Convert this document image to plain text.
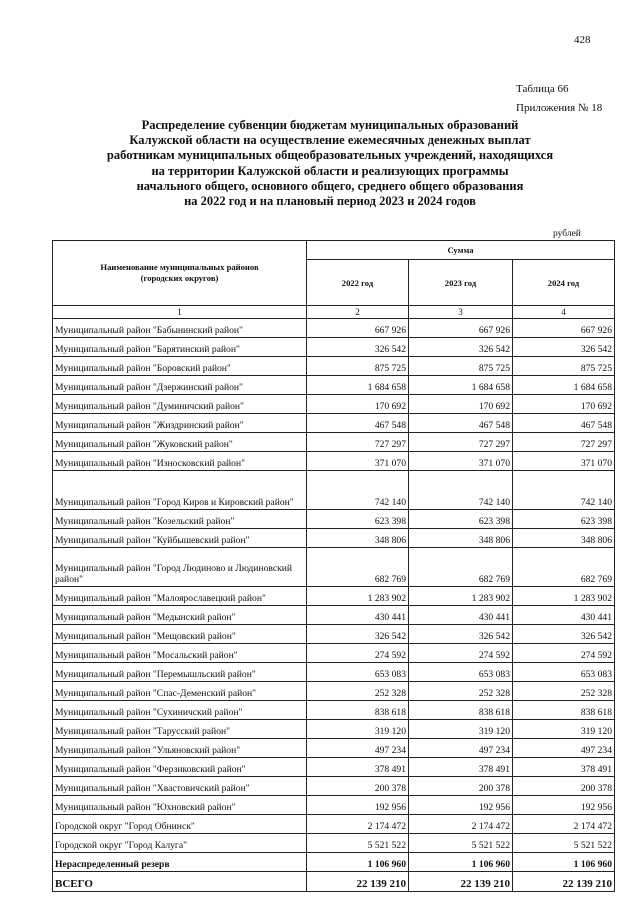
428
Таблица 66
Приложения № 18
Распределение субвенции бюджетам муниципальных образований
Калужской области на осуществление ежемесячных денежных выплат
работникам муниципальных общеобразовательных учреждений, находящихся
на территории Калужской области и реализующих программы
начального общего, основного общего, среднего общего образования
на 2022 год и на плановый период 2023 и 2024 годов
рублей
Наименование муниципальных районов
(городских округов)	Сумма		
	2022 год	2023 год	2024 год
1	2	3	4
Муниципальный район "Бабынинский район"	667 926	667 926	667 926
Муниципальный район "Барятинский район"	326 542	326 542	326 542
Муниципальный район "Боровский район"	875 725	875 725	875 725
Муниципальный район "Дзержинский район"	1 684 658	1 684 658	1 684 658
Муниципальный район "Думиничский район"	170 692	170 692	170 692
Муниципальный район "Жиздринский район"	467 548	467 548	467 548
Муниципальный район "Жуковский район"	727 297	727 297	727 297
Муниципальный район "Износковский район"	371 070	371 070	371 070
Муниципальный район "Город Киров и Кировский район"	742 140	742 140	742 140
Муниципальный район "Козельский район"	623 398	623 398	623 398
Муниципальный район "Куйбышевский район"	348 806	348 806	348 806
Муниципальный район "Город Людиново и Людиновский район"	682 769	682 769	682 769
Муниципальный район "Малоярославецкий район"	1 283 902	1 283 902	1 283 902
Муниципальный район "Медынский район"	430 441	430 441	430 441
Муниципальный район "Мещовский район"	326 542	326 542	326 542
Муниципальный район "Мосальский район"	274 592	274 592	274 592
Муниципальный район "Перемышльский район"	653 083	653 083	653 083
Муниципальный район "Спас-Деменский район"	252 328	252 328	252 328
Муниципальный район "Сухиничский район"	838 618	838 618	838 618
Муниципальный район "Тарусский район"	319 120	319 120	319 120
Муниципальный район "Ульяновский район"	497 234	497 234	497 234
Муниципальный район "Ферзиковский район"	378 491	378 491	378 491
Муниципальный район "Хвастовичский район"	200 378	200 378	200 378
Муниципальный район "Юхновский район"	192 956	192 956	192 956
Городской округ "Город Обнинск"	2 174 472	2 174 472	2 174 472
Городской округ "Город Калуга"	5 521 522	5 521 522	5 521 522
Нераспределенный резерв	1 106 960	1 106 960	1 106 960
ВСЕГО	22 139 210	22 139 210	22 139 210
